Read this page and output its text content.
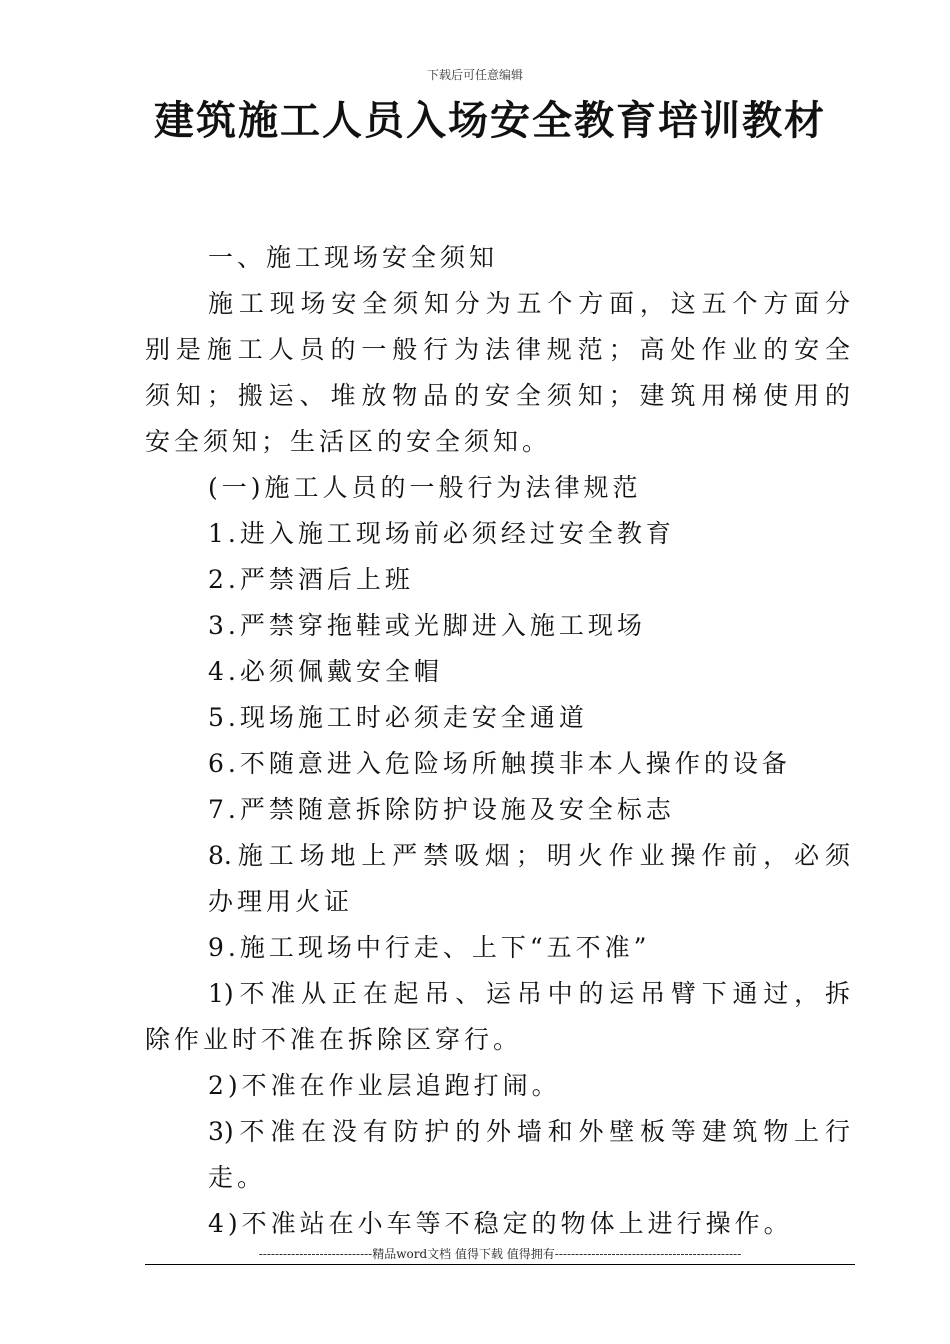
下载后可任意编辑
建筑施工人员入场安全教育培训教材
一、施工现场安全须知
施工现场安全须知分为五个方面，这五个方面分
别是施工人员的一般行为法律规范；高处作业的安全
须知；搬运、堆放物品的安全须知；建筑用梯使用的
安全须知；生活区的安全须知。
(一)施工人员的一般行为法律规范
1.进入施工现场前必须经过安全教育
2.严禁酒后上班
3.严禁穿拖鞋或光脚进入施工现场
4.必须佩戴安全帽
5.现场施工时必须走安全通道
6.不随意进入危险场所触摸非本人操作的设备
7.严禁随意拆除防护设施及安全标志
8.施工场地上严禁吸烟；明火作业操作前，必须
办理用火证
9.施工现场中行走、上下“五不准”
1)不准从正在起吊、运吊中的运吊臂下通过，拆
除作业时不准在拆除区穿行。
2)不准在作业层追跑打闹。
3)不准在没有防护的外墙和外壁板等建筑物上行
走。
4)不准站在小车等不稳定的物体上进行操作。
----------------------------精品word文档 值得下载 值得拥有----------------------------------------------
